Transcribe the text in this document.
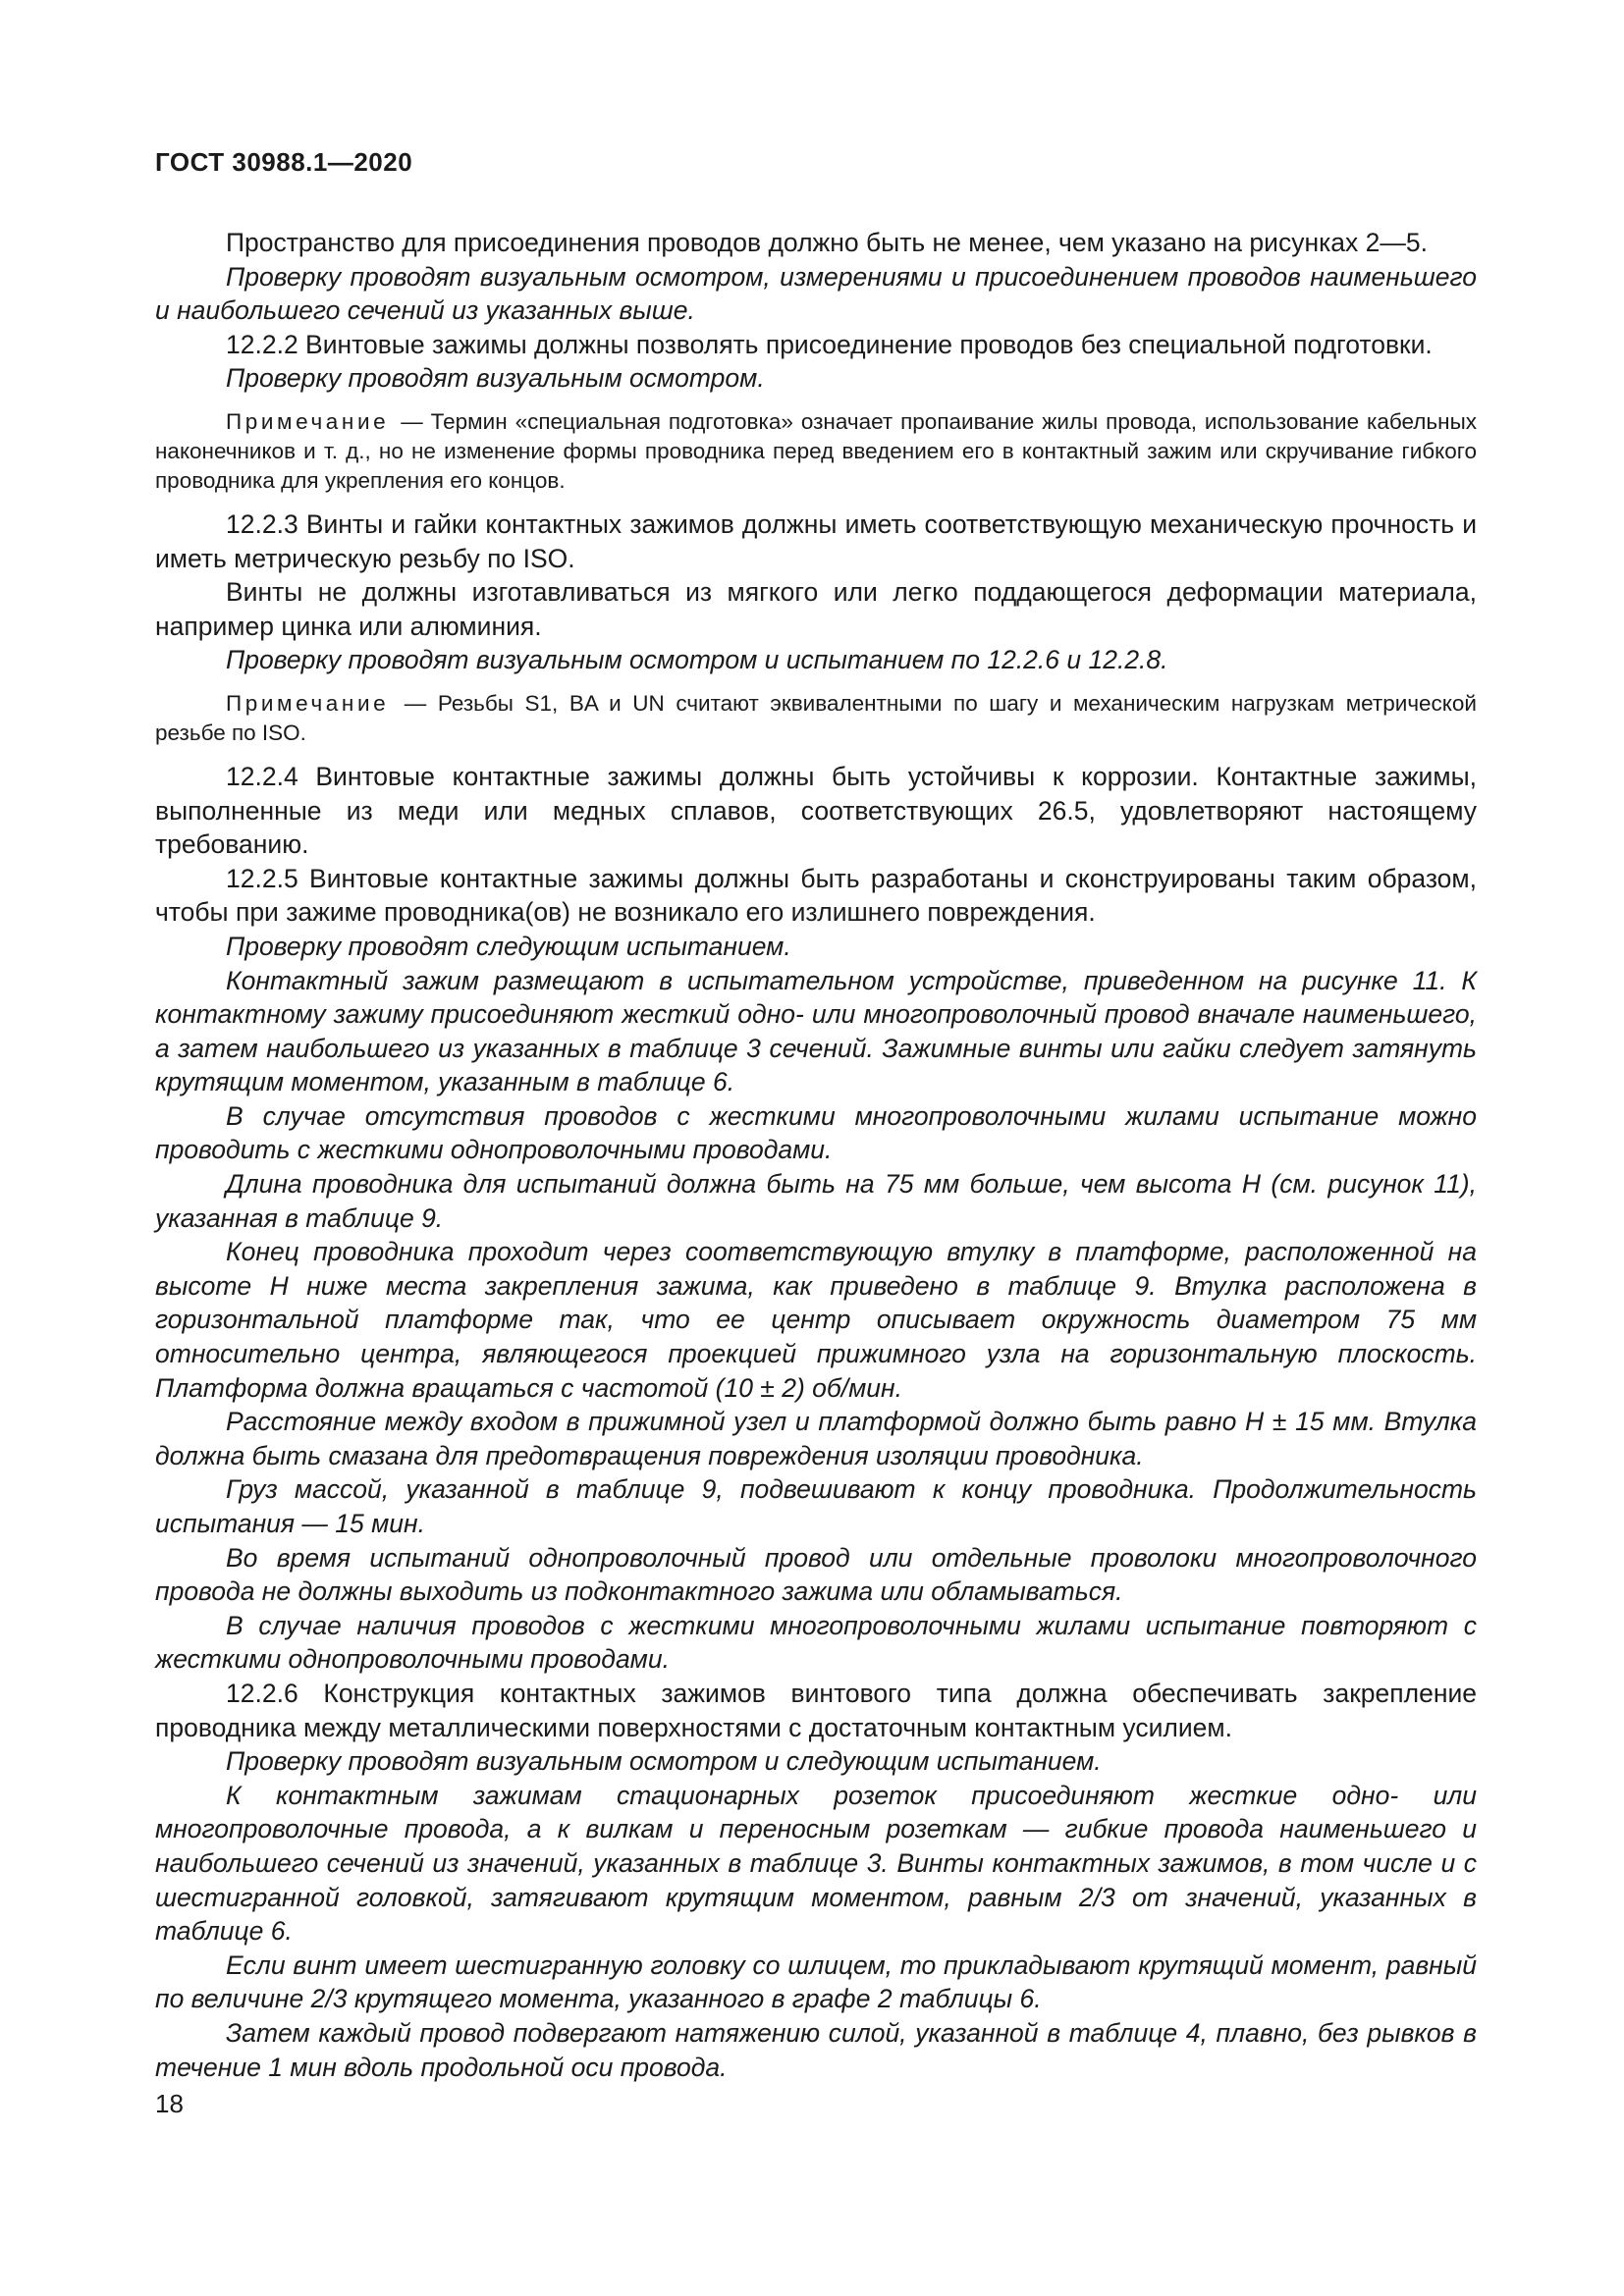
ГОСТ 30988.1—2020

Пространство для присоединения проводов должно быть не менее, чем указано на рисунках 2—5.

Проверку проводят визуальным осмотром, измерениями и присоединением проводов наименьшего и наибольшего сечений из указанных выше.

12.2.2 Винтовые зажимы должны позволять присоединение проводов без специальной подготовки.

Проверку проводят визуальным осмотром.

Примечание — Термин «специальная подготовка» означает пропаивание жилы провода, использование кабельных наконечников и т. д., но не изменение формы проводника перед введением его в контактный зажим или скручивание гибкого проводника для укрепления его концов.

12.2.3 Винты и гайки контактных зажимов должны иметь соответствующую механическую прочность и иметь метрическую резьбу по ISO.

Винты не должны изготавливаться из мягкого или легко поддающегося деформации материала, например цинка или алюминия.

Проверку проводят визуальным осмотром и испытанием по 12.2.6 и 12.2.8.

Примечание — Резьбы S1, BA и UN считают эквивалентными по шагу и механическим нагрузкам метрической резьбе по ISO.

12.2.4 Винтовые контактные зажимы должны быть устойчивы к коррозии. Контактные зажимы, выполненные из меди или медных сплавов, соответствующих 26.5, удовлетворяют настоящему требованию.

12.2.5 Винтовые контактные зажимы должны быть разработаны и сконструированы таким образом, чтобы при зажиме проводника(ов) не возникало его излишнего повреждения.

Проверку проводят следующим испытанием.

Контактный зажим размещают в испытательном устройстве, приведенном на рисунке 11. К контактному зажиму присоединяют жесткий одно- или многопроволочный провод вначале наименьшего, а затем наибольшего из указанных в таблице 3 сечений. Зажимные винты или гайки следует затянуть крутящим моментом, указанным в таблице 6.

В случае отсутствия проводов с жесткими многопроволочными жилами испытание можно проводить с жесткими однопроволочными проводами.

Длина проводника для испытаний должна быть на 75 мм больше, чем высота H (см. рисунок 11), указанная в таблице 9.

Конец проводника проходит через соответствующую втулку в платформе, расположенной на высоте H ниже места закрепления зажима, как приведено в таблице 9. Втулка расположена в горизонтальной платформе так, что ее центр описывает окружность диаметром 75 мм относительно центра, являющегося проекцией прижимного узла на горизонтальную плоскость. Платформа должна вращаться с частотой (10 ± 2) об/мин.

Расстояние между входом в прижимной узел и платформой должно быть равно H ± 15 мм. Втулка должна быть смазана для предотвращения повреждения изоляции проводника.

Груз массой, указанной в таблице 9, подвешивают к концу проводника. Продолжительность испытания — 15 мин.

Во время испытаний однопроволочный провод или отдельные проволоки многопроволочного провода не должны выходить из подконтактного зажима или обламываться.

В случае наличия проводов с жесткими многопроволочными жилами испытание повторяют с жесткими однопроволочными проводами.

12.2.6 Конструкция контактных зажимов винтового типа должна обеспечивать закрепление проводника между металлическими поверхностями с достаточным контактным усилием.

Проверку проводят визуальным осмотром и следующим испытанием.

К контактным зажимам стационарных розеток присоединяют жесткие одно- или многопроволочные провода, а к вилкам и переносным розеткам — гибкие провода наименьшего и наибольшего сечений из значений, указанных в таблице 3. Винты контактных зажимов, в том числе и с шестигранной головкой, затягивают крутящим моментом, равным 2/3 от значений, указанных в таблице 6.

Если винт имеет шестигранную головку со шлицем, то прикладывают крутящий момент, равный по величине 2/3 крутящего момента, указанного в графе 2 таблицы 6.

Затем каждый провод подвергают натяжению силой, указанной в таблице 4, плавно, без рывков в течение 1 мин вдоль продольной оси провода.

18
